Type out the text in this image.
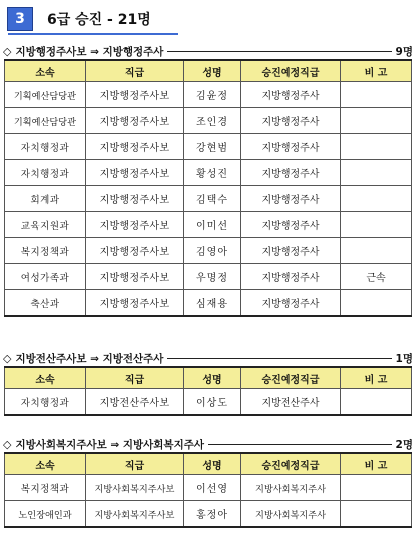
3	6급 승진 - 21명
◇ 지방행정주사보 ⇒ 지방행정주사	9명
소속	직급	성명	승진예정직급	비 고
기획예산담당관	지방행정주사보	김윤정	지방행정주사	
기획예산담당관	지방행정주사보	조인경	지방행정주사	
자치행정과	지방행정주사보	강현범	지방행정주사	
자치행정과	지방행정주사보	황성진	지방행정주사	
회계과	지방행정주사보	김택수	지방행정주사	
교육지원과	지방행정주사보	이미선	지방행정주사	
복지정책과	지방행정주사보	김영아	지방행정주사	
여성가족과	지방행정주사보	우명정	지방행정주사	근속
축산과	지방행정주사보	심재용	지방행정주사	
◇ 지방전산주사보 ⇒ 지방전산주사	1명
소속	직급	성명	승진예정직급	비 고
자치행정과	지방전산주사보	이상도	지방전산주사	
◇ 지방사회복지주사보 ⇒ 지방사회복지주사	2명
소속	직급	성명	승진예정직급	비 고
복지정책과	지방사회복지주사보	이선영	지방사회복지주사	
노인장애인과	지방사회복지주사보	홍정아	지방사회복지주사	
